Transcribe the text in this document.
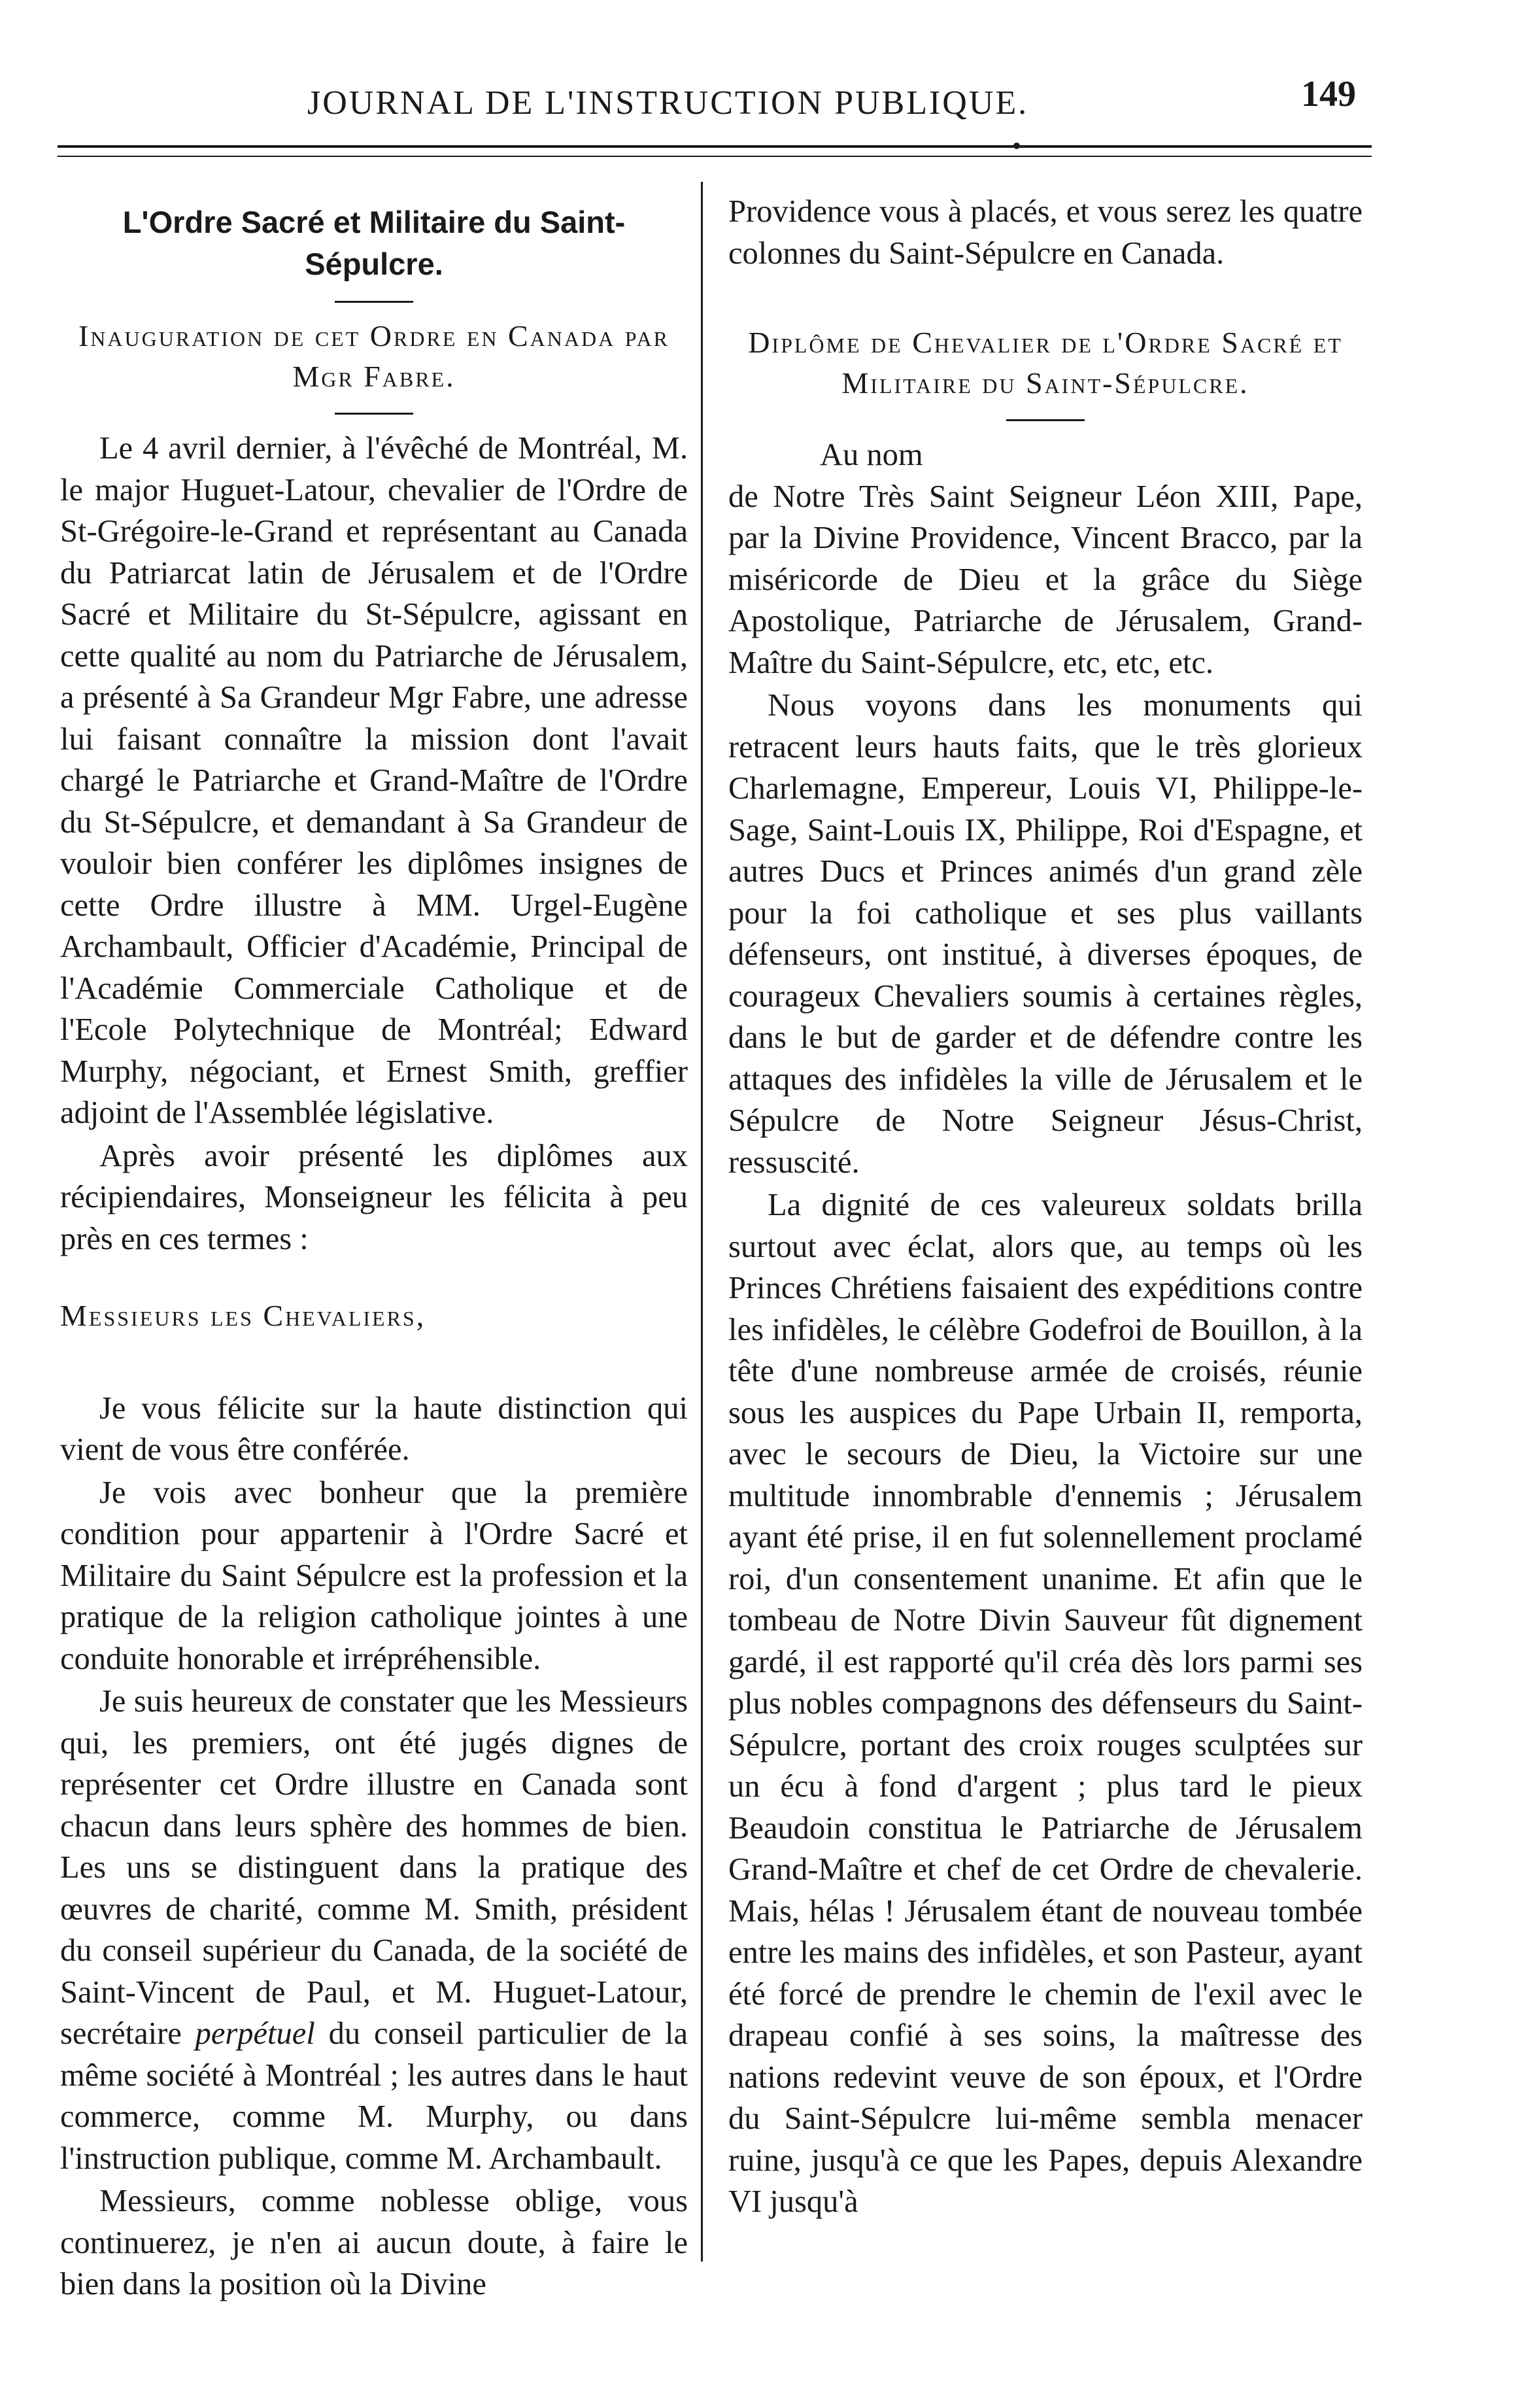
JOURNAL DE L'INSTRUCTION PUBLIQUE.	149
L'Ordre Sacré et Militaire du Saint-Sépulcre.
Inauguration de cet Ordre en Canada par Mgr Fabre.

Le 4 avril dernier, à l'évêché de Montréal, M. le major Huguet-Latour, chevalier de l'Ordre de St-Grégoire-le-Grand et représentant au Canada du Patriarcat latin de Jérusalem et de l'Ordre Sacré et Militaire du St-Sépulcre, agissant en cette qualité au nom du Patriarche de Jérusalem, a présenté à Sa Grandeur Mgr Fabre, une adresse lui faisant connaître la mission dont l'avait chargé le Patriarche et Grand-Maître de l'Ordre du St-Sépulcre, et demandant à Sa Grandeur de vouloir bien conférer les diplômes insignes de cette Ordre illustre à MM. Urgel-Eugène Archambault, Officier d'Académie, Principal de l'Académie Commerciale Catholique et de l'Ecole Polytechnique de Montréal; Edward Murphy, négociant, et Ernest Smith, greffier adjoint de l'Assemblée législative.

Après avoir présenté les diplômes aux récipiendaires, Monseigneur les félicita à peu près en ces termes :

Messieurs les Chevaliers,

Je vous félicite sur la haute distinction qui vient de vous être conférée.

Je vois avec bonheur que la première condition pour appartenir à l'Ordre Sacré et Militaire du Saint Sépulcre est la profession et la pratique de la religion catholique jointes à une conduite honorable et irrépréhensible.

Je suis heureux de constater que les Messieurs qui, les premiers, ont été jugés dignes de représenter cet Ordre illustre en Canada sont chacun dans leurs sphère des hommes de bien. Les uns se distinguent dans la pratique des œuvres de charité, comme M. Smith, président du conseil supérieur du Canada, de la société de Saint-Vincent de Paul, et M. Huguet-Latour, secrétaire perpétuel du conseil particulier de la même société à Montréal ; les autres dans le haut commerce, comme M. Murphy, ou dans l'instruction publique, comme M. Archambault.

Messieurs, comme noblesse oblige, vous continuerez, je n'en ai aucun doute, à faire le bien dans la position où la Divine

Providence vous à placés, et vous serez les quatre colonnes du Saint-Sépulcre en Canada.

Diplôme de Chevalier de l'Ordre Sacré et Militaire du Saint-Sépulcre.
Au nom

de Notre Très Saint Seigneur Léon XIII, Pape, par la Divine Providence, Vincent Bracco, par la miséricorde de Dieu et la grâce du Siège Apostolique, Patriarche de Jérusalem, Grand-Maître du Saint-Sépulcre, etc, etc, etc.

Nous voyons dans les monuments qui retracent leurs hauts faits, que le très glorieux Charlemagne, Empereur, Louis VI, Philippe-le-Sage, Saint-Louis IX, Philippe, Roi d'Espagne, et autres Ducs et Princes animés d'un grand zèle pour la foi catholique et ses plus vaillants défenseurs, ont institué, à diverses époques, de courageux Chevaliers soumis à certaines règles, dans le but de garder et de défendre contre les attaques des infidèles la ville de Jérusalem et le Sépulcre de Notre Seigneur Jésus-Christ, ressuscité.

La dignité de ces valeureux soldats brilla surtout avec éclat, alors que, au temps où les Princes Chrétiens faisaient des expéditions contre les infidèles, le célèbre Godefroi de Bouillon, à la tête d'une nombreuse armée de croisés, réunie sous les auspices du Pape Urbain II, remporta, avec le secours de Dieu, la Victoire sur une multitude innombrable d'ennemis ; Jérusalem ayant été prise, il en fut solennellement proclamé roi, d'un consentement unanime. Et afin que le tombeau de Notre Divin Sauveur fût dignement gardé, il est rapporté qu'il créa dès lors parmi ses plus nobles compagnons des défenseurs du Saint-Sépulcre, portant des croix rouges sculptées sur un écu à fond d'argent ; plus tard le pieux Beaudoin constitua le Patriarche de Jérusalem Grand-Maître et chef de cet Ordre de chevalerie. Mais, hélas ! Jérusalem étant de nouveau tombée entre les mains des infidèles, et son Pasteur, ayant été forcé de prendre le chemin de l'exil avec le drapeau confié à ses soins, la maîtresse des nations redevint veuve de son époux, et l'Ordre du Saint-Sépulcre lui-même sembla menacer ruine, jusqu'à ce que les Papes, depuis Alexandre VI jusqu'à
